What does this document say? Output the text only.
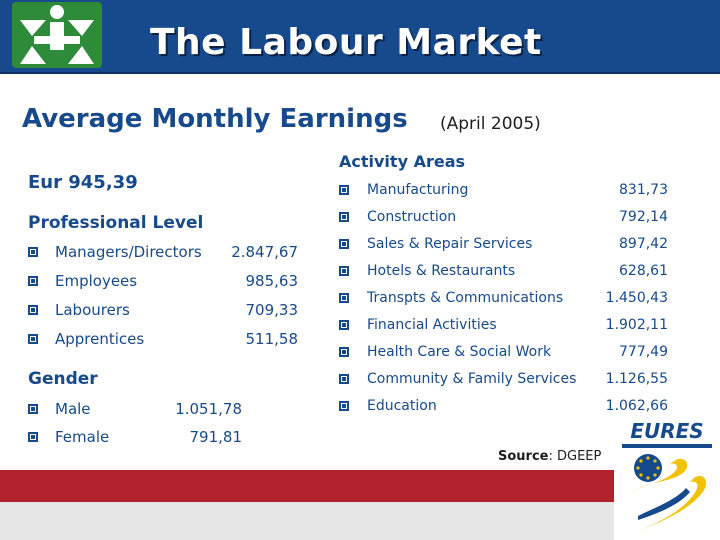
The Labour Market
Average Monthly Earnings (April 2005)
Eur 945,39
Professional Level
Managers/Directors	2.847,67
Employees	985,63
Labourers	709,33
Apprentices	511,58
Gender
Male	1.051,78
Female	791,81
Activity Areas
Manufacturing	831,73
Construction	792,14
Sales & Repair Services	897,42
Hotels & Restaurants	628,61
Transpts & Communications	1.450,43
Financial Activities	1.902,11
Health Care & Social Work	777,49
Community & Family Services	1.126,55
Education	1.062,66
Source: DGEEP
EURES
